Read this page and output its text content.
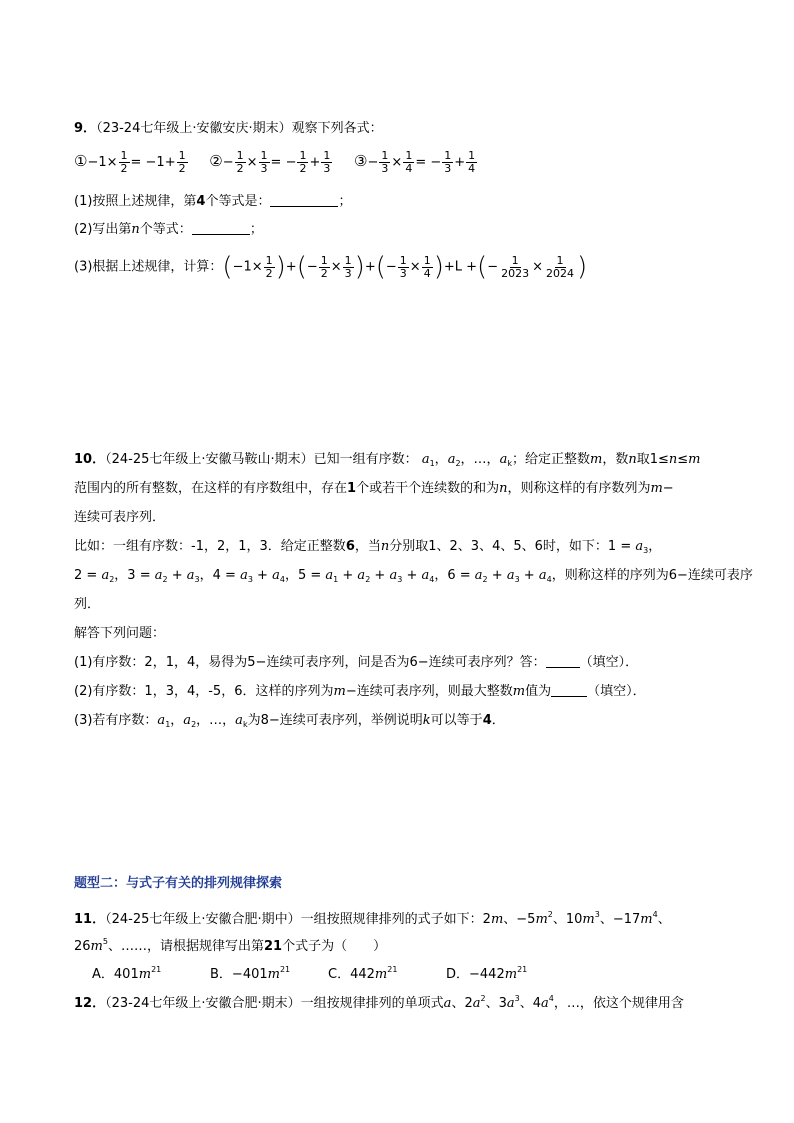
9．（23-24七年级上·安徽安庆·期末）观察下列各式：
①−1× $\frac{1}{2} = -1+ \frac{1}{2}$ ②− $\frac{1}{2} \times \frac{1}{3}$ = − $\frac{1}{2} + \frac{1}{3}$ ③− $\frac{1}{3} \times \frac{1}{4}$ = − $\frac{1}{3} + \frac{1}{4}$
(1)按照上述规律，第4个等式是：	；
(2)写出第n个等式：	；
(3)根据上述规律，计算：($-1\times \frac{1}{2}$ )+(− $\frac{1}{2} \times \frac{1}{3}$ )+(− $\frac{1}{3} \times \frac{1}{4} )+L$ +(− $\frac{1}{2023} \times \frac{1}{2024}$ )
10．（24-25七年级上·安徽马鞍山·期末）已知一组有序数： $a_1$，$a_2$，…，$a_k$；给定正整数m，数n取1≤n≤m
范围内的所有整数，在这样的有序数组中，存在1个或若干个连续数的和为n，则称这样的有序数列为m−
连续可表序列．
比如：一组有序数：-1，2，1，3．给定正整数6，当n分别取1、2、3、4、5、6时，如下：$1 = a_3$，
$2 = a_2$，$3 = a_2 + a_3$，$4 = a_3 + a_4$，$5 = a_1 + a_2 + a_3 + a_4$，$6 = a_2 + a_3 + a_4$，则称这样的序列为6−连续可表序
列．
解答下列问题：
(1)有序数：2，1，4，易得为5−连续可表序列，问是否为6−连续可表序列？答：	（填空）．
(2)有序数：1，3，4，-5，6．这样的序列为m−连续可表序列，则最大整数m值为	（填空）．
(3)若有序数：$a_1$，$a_2$，…，$a_k$为8−连续可表序列，举例说明k可以等于4．
题型二：与式子有关的排列规律探索
11．（24-25七年级上·安徽合肥·期中）一组按照规律排列的式子如下：2m、$-5m^2$、$10m^3$、$-17m^4$、
$26m^5$、……，请根据规律写出第21个式子为（　　）
A．$401m^{21}$	B．$-401m^{21}$	C．$442m^{21}$	D．$-442m^{21}$
12．（23-24七年级上·安徽合肥·期末）一组按规律排列的单项式a、$2a^2$、$3a^3$、$4a^4$，…，依这个规律用含
